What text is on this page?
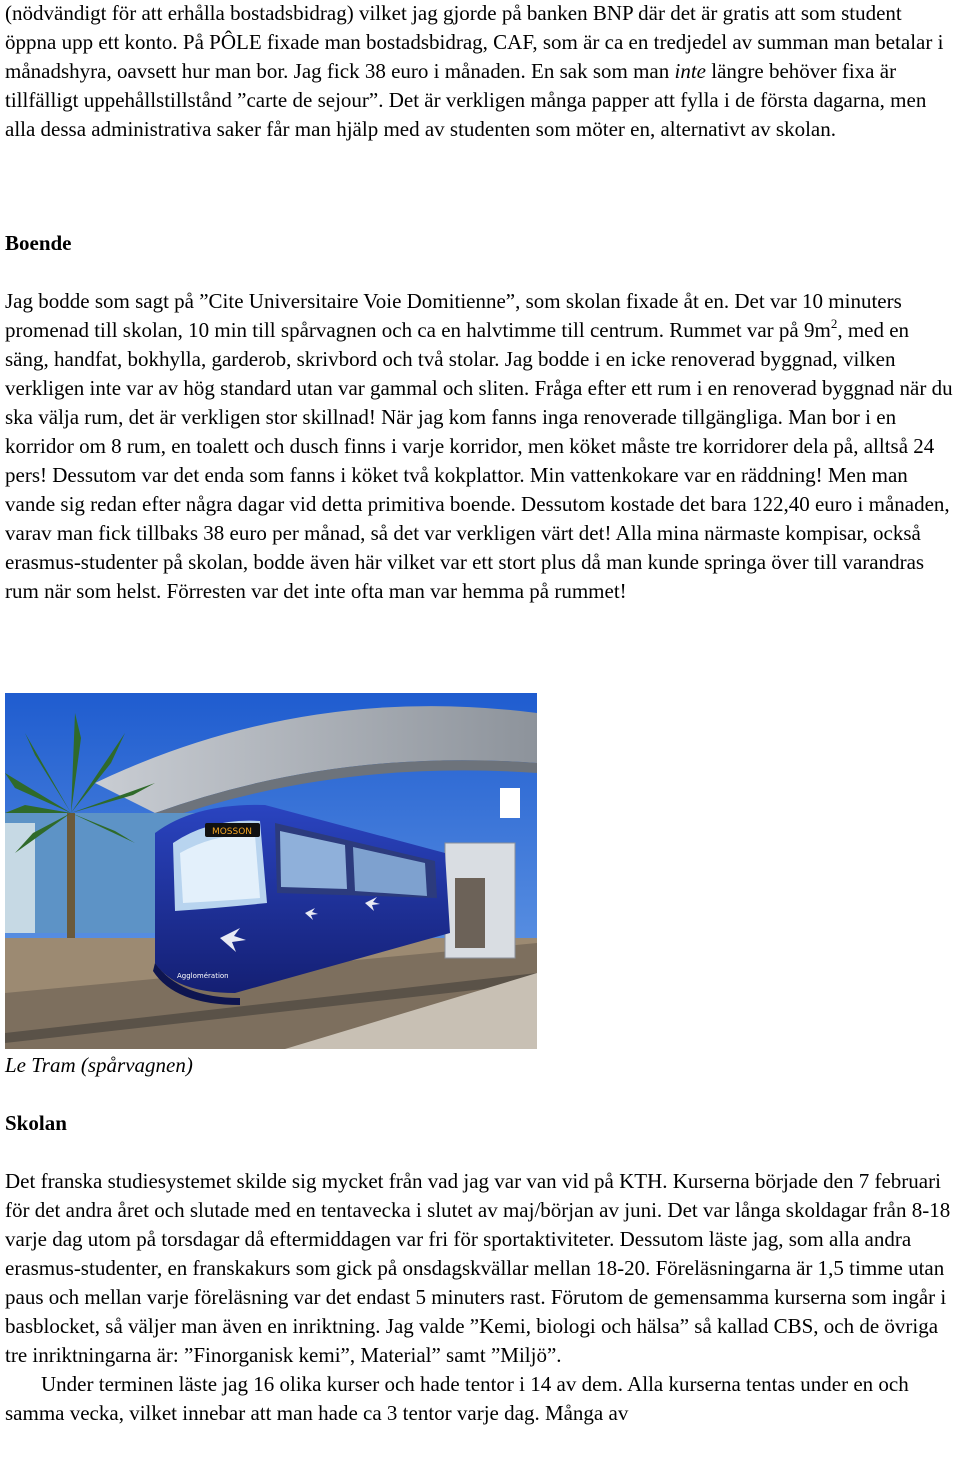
(nödvändigt för att erhålla bostadsbidrag) vilket jag gjorde på banken BNP där det är gratis att som student öppna upp ett konto. På PÔLE fixade man bostadsbidrag, CAF, som är ca en tredjedel av summan man betalar i månadshyra, oavsett hur man bor. Jag fick 38 euro i månaden. En sak som man inte längre behöver fixa är tillfälligt uppehållstillstånd ”carte de sejour”. Det är verkligen många papper att fylla i de första dagarna, men alla dessa administrativa saker får man hjälp med av studenten som möter en, alternativt av skolan.

Boende

Jag bodde som sagt på ”Cite Universitaire Voie Domitienne”, som skolan fixade åt en. Det var 10 minuters promenad till skolan, 10 min till spårvagnen och ca en halvtimme till centrum. Rummet var på $9m^2$, med en säng, handfat, bokhylla, garderob, skrivbord och två stolar. Jag bodde i en icke renoverad byggnad, vilken verkligen inte var av hög standard utan var gammal och sliten. Fråga efter ett rum i en renoverad byggnad när du ska välja rum, det är verkligen stor skillnad! När jag kom fanns inga renoverade tillgängliga. Man bor i en korridor om 8 rum, en toalett och dusch finns i varje korridor, men köket måste tre korridorer dela på, alltså 24 pers! Dessutom var det enda som fanns i köket två kokplattor. Min vattenkokare var en räddning! Men man vande sig redan efter några dagar vid detta primitiva boende. Dessutom kostade det bara 122,40 euro i månaden, varav man fick tillbaks 38 euro per månad, så det var verkligen värt det! Alla mina närmaste kompisar, också erasmus-studenter på skolan, bodde även här vilket var ett stort plus då man kunde springa över till varandras rum när som helst. Förresten var det inte ofta man var hemma på rummet!

MOSSON
Agglomération

Le Tram (spårvagnen)

Skolan

Det franska studiesystemet skilde sig mycket från vad jag var van vid på KTH. Kurserna började den 7 februari för det andra året och slutade med en tentavecka i slutet av maj/början av juni. Det var långa skoldagar från 8-18 varje dag utom på torsdagar då eftermiddagen var fri för sportaktiviteter. Dessutom läste jag, som alla andra erasmus-studenter, en franskakurs som gick på onsdagskvällar mellan 18-20. Föreläsningarna är 1,5 timme utan paus och mellan varje föreläsning var det endast 5 minuters rast. Förutom de gemensamma kurserna som ingår i basblocket, så väljer man även en inriktning. Jag valde ”Kemi, biologi och hälsa” så kallad CBS, och de övriga tre inriktningarna är: ”Finorganisk kemi”, Material” samt ”Miljö”.
Under terminen läste jag 16 olika kurser och hade tentor i 14 av dem. Alla kurserna tentas under en och samma vecka, vilket innebar att man hade ca 3 tentor varje dag. Många av
